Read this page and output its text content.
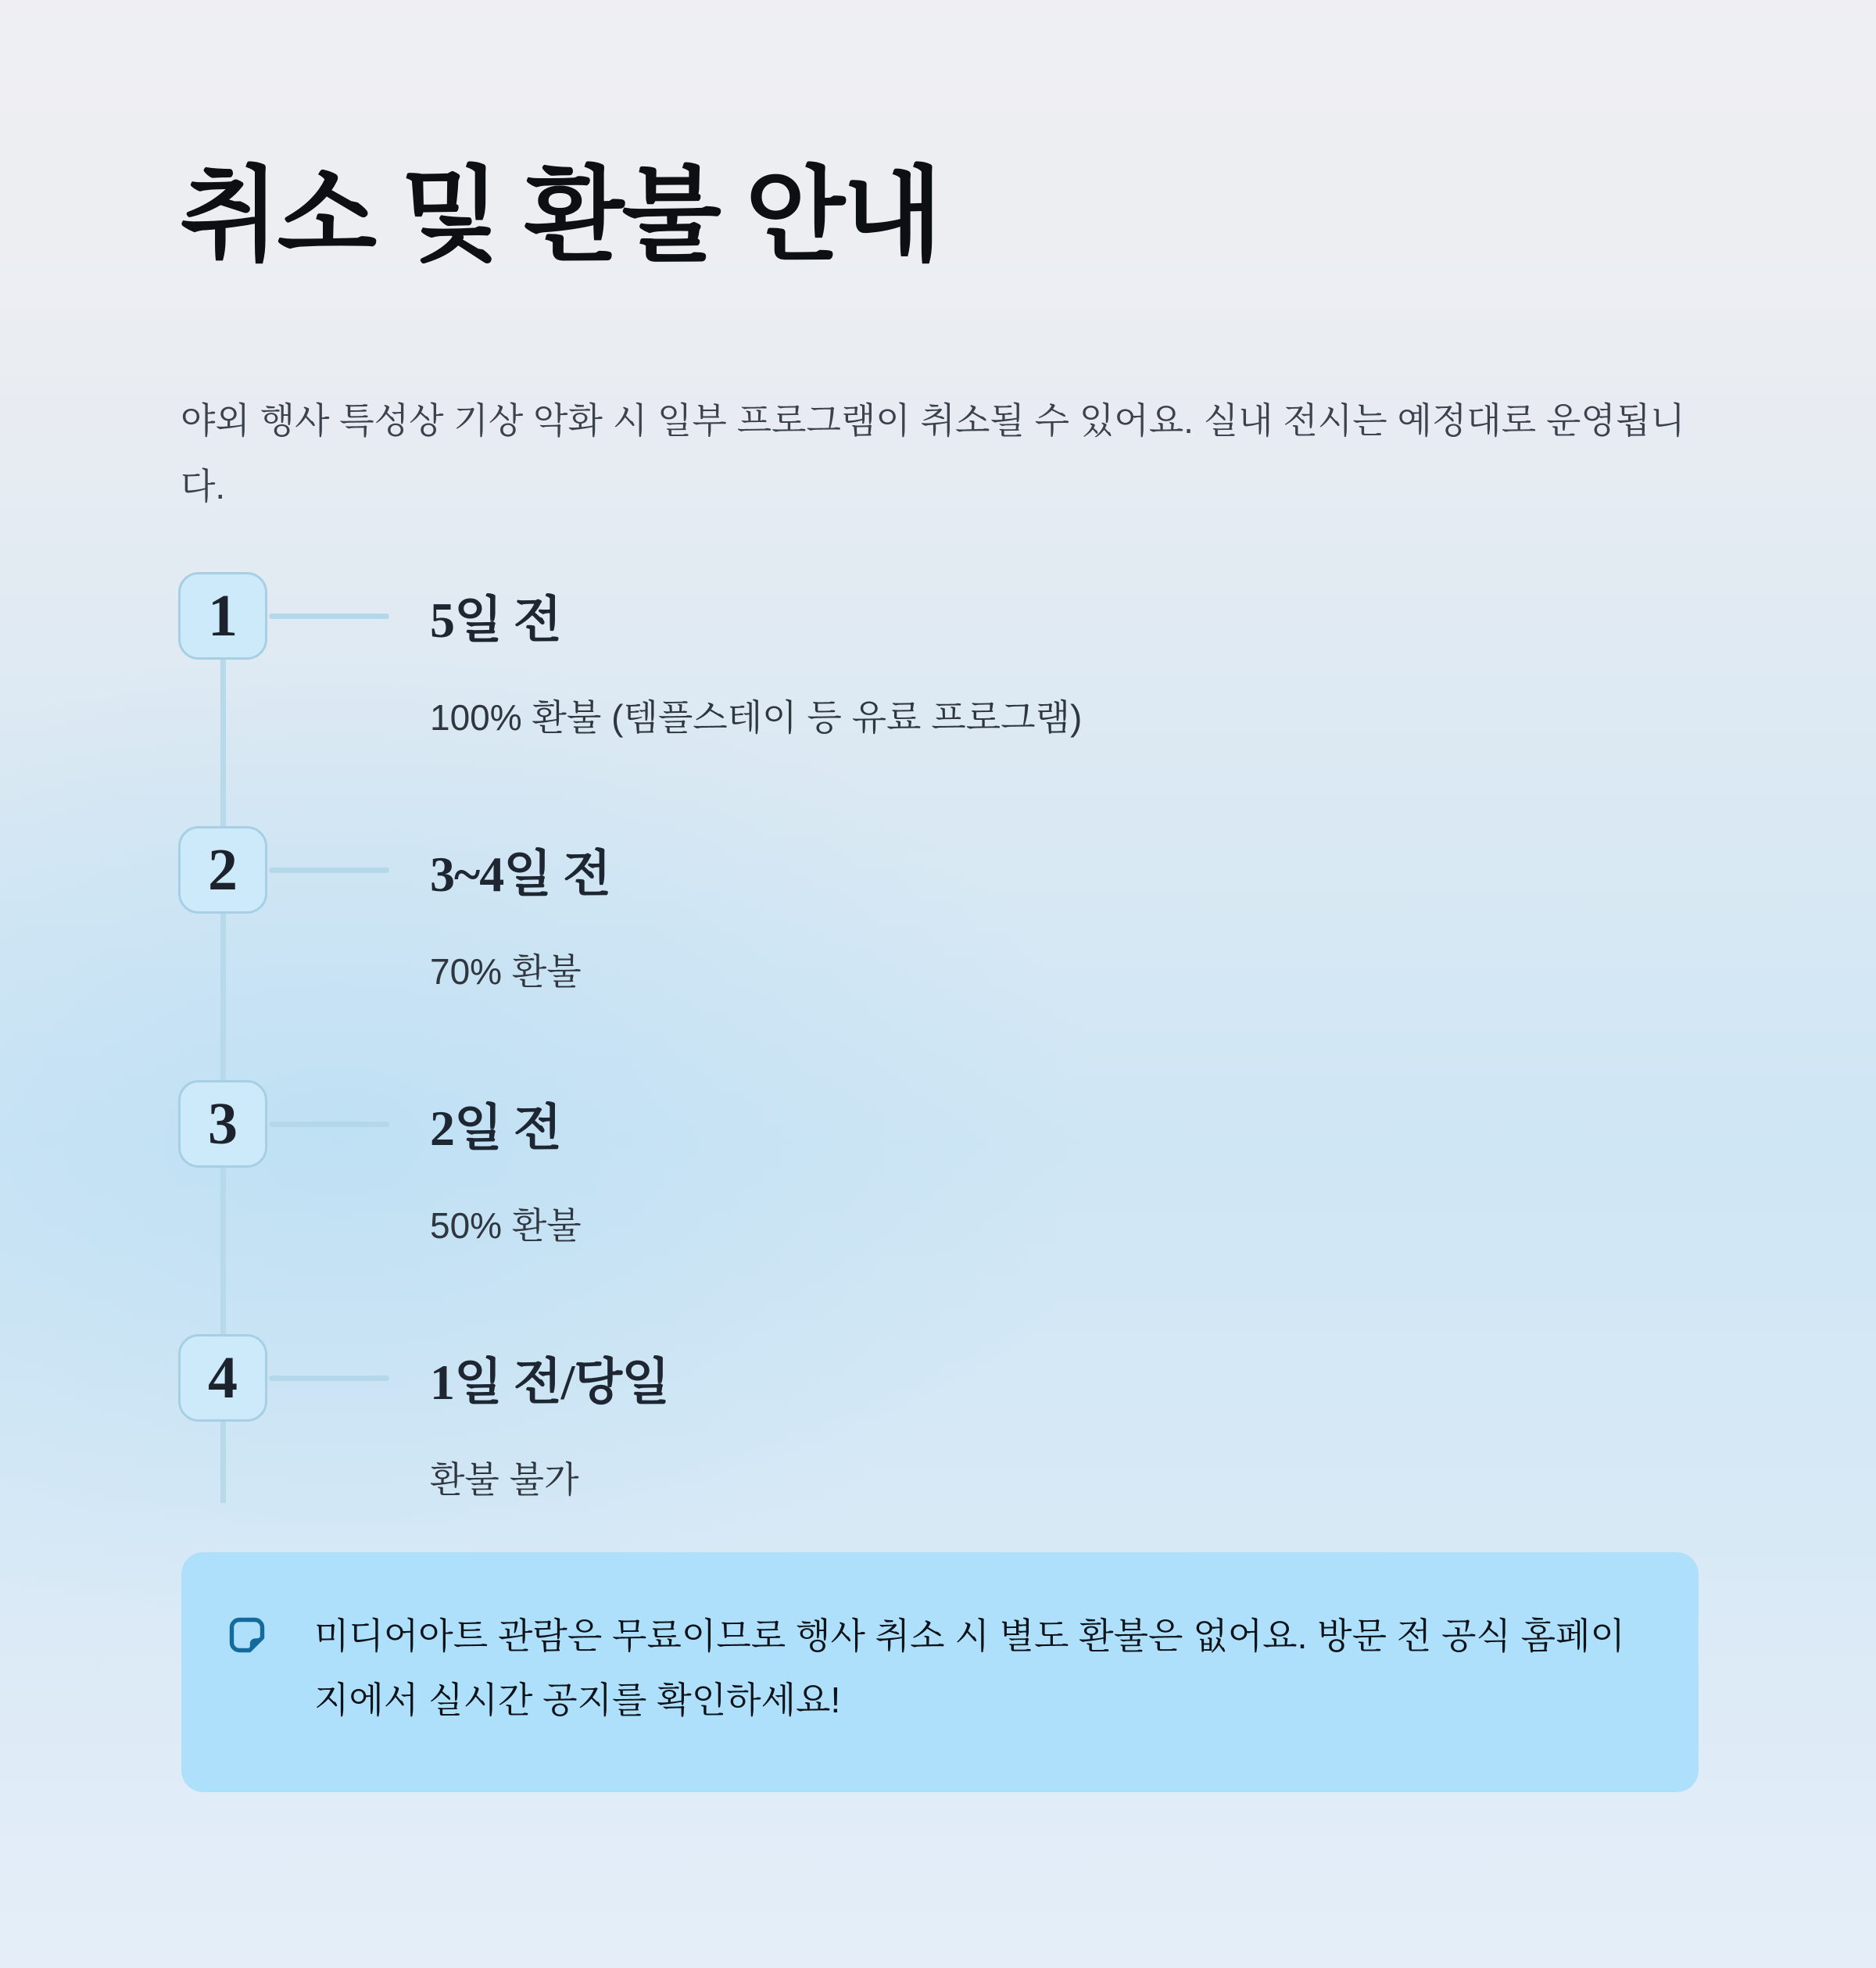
취소 및 환불 안내

야외 행사 특성상 기상 악화 시 일부 프로그램이 취소될 수 있어요. 실내 전시는 예정대로 운영됩니다.

1	5일 전
100% 환불 (템플스테이 등 유료 프로그램)
2	3~4일 전
70% 환불
3	2일 전
50% 환불
4	1일 전/당일
환불 불가

미디어아트 관람은 무료이므로 행사 취소 시 별도 환불은 없어요. 방문 전 공식 홈페이지에서 실시간 공지를 확인하세요!
